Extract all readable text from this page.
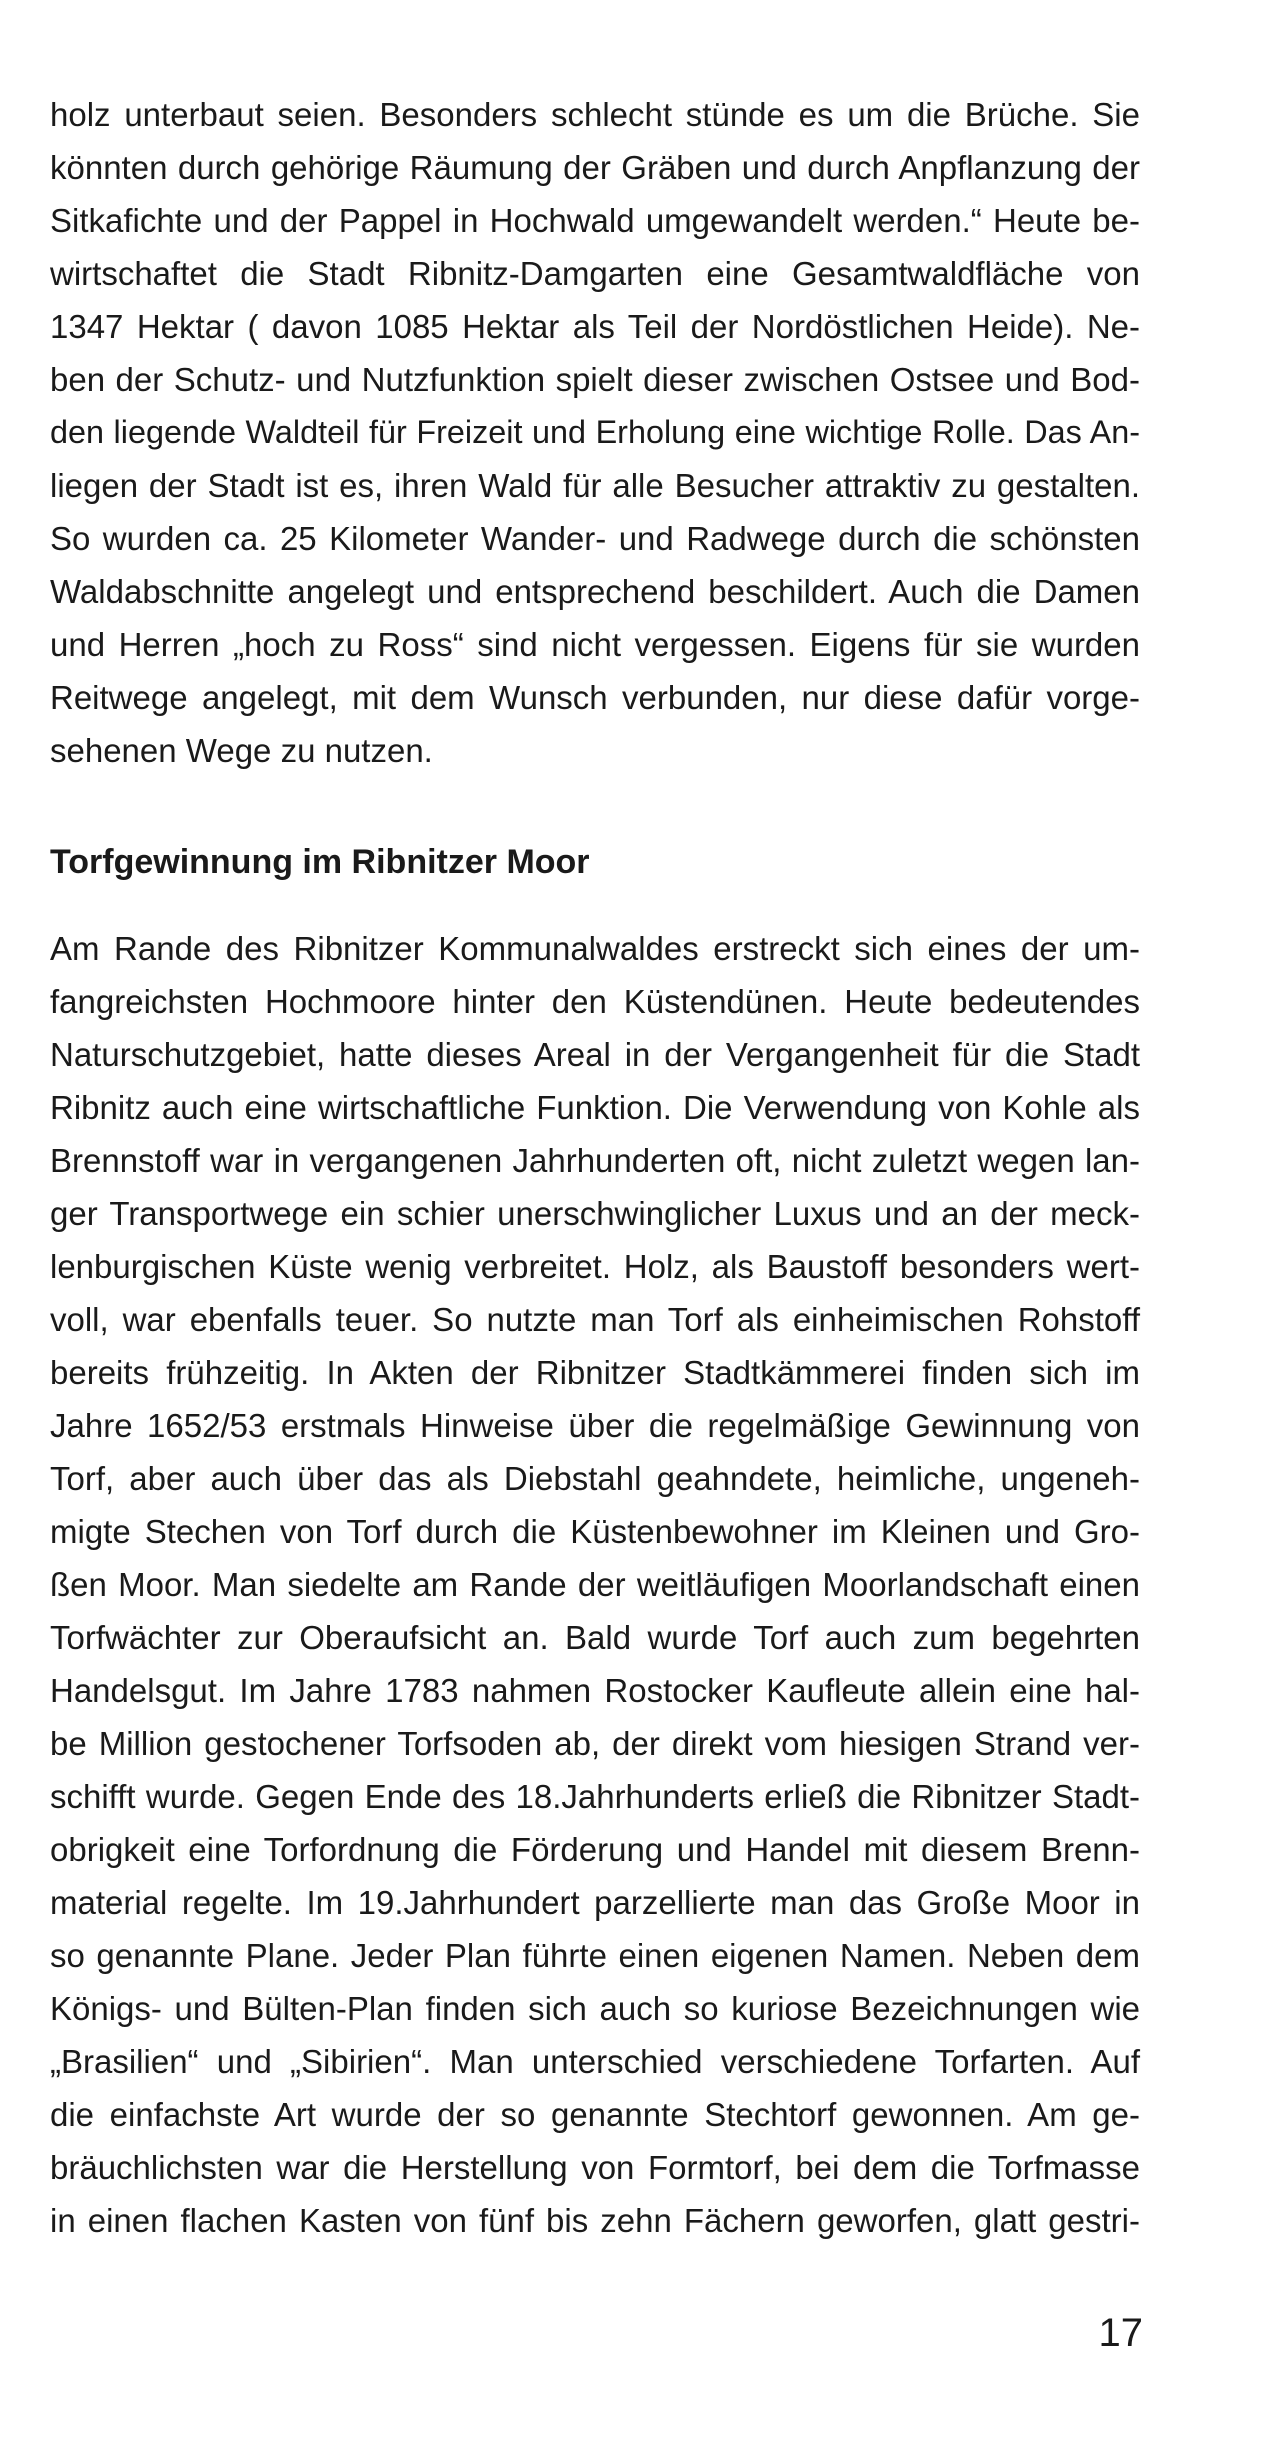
holz unterbaut seien. Besonders schlecht stünde es um die Brüche. Sie
könnten durch gehörige Räumung der Gräben und durch Anpflanzung der
Sitkafichte und der Pappel in Hochwald umgewandelt werden.“ Heute be-
wirtschaftet die Stadt Ribnitz-Damgarten eine Gesamtwaldfläche von
1347 Hektar ( davon 1085 Hektar als Teil der Nordöstlichen Heide). Ne-
ben der Schutz- und Nutzfunktion spielt dieser zwischen Ostsee und Bod-
den liegende Waldteil für Freizeit und Erholung eine wichtige Rolle. Das An-
liegen der Stadt ist es, ihren Wald für alle Besucher attraktiv zu gestalten.
So wurden ca. 25 Kilometer Wander- und Radwege durch die schönsten
Waldabschnitte angelegt und entsprechend beschildert. Auch die Damen
und Herren „hoch zu Ross“ sind nicht vergessen. Eigens für sie wurden
Reitwege angelegt, mit dem Wunsch verbunden, nur diese dafür vorge-
sehenen Wege zu nutzen.
Torfgewinnung im Ribnitzer Moor
Am Rande des Ribnitzer Kommunalwaldes erstreckt sich eines der um-
fangreichsten Hochmoore hinter den Küstendünen. Heute bedeutendes
Naturschutzgebiet, hatte dieses Areal in der Vergangenheit für die Stadt
Ribnitz auch eine wirtschaftliche Funktion. Die Verwendung von Kohle als
Brennstoff war in vergangenen Jahrhunderten oft, nicht zuletzt wegen lan-
ger Transportwege ein schier unerschwinglicher Luxus und an der meck-
lenburgischen Küste wenig verbreitet. Holz, als Baustoff besonders wert-
voll, war ebenfalls teuer. So nutzte man Torf als einheimischen Rohstoff
bereits frühzeitig. In Akten der Ribnitzer Stadtkämmerei finden sich im
Jahre 1652/53 erstmals Hinweise über die regelmäßige Gewinnung von
Torf, aber auch über das als Diebstahl geahndete, heimliche, ungeneh-
migte Stechen von Torf durch die Küstenbewohner im Kleinen und Gro-
ßen Moor. Man siedelte am Rande der weitläufigen Moorlandschaft einen
Torfwächter zur Oberaufsicht an. Bald wurde Torf auch zum begehrten
Handelsgut. Im Jahre 1783 nahmen Rostocker Kaufleute allein eine hal-
be Million gestochener Torfsoden ab, der direkt vom hiesigen Strand ver-
schifft wurde. Gegen Ende des 18.Jahrhunderts erließ die Ribnitzer Stadt-
obrigkeit eine Torfordnung die Förderung und Handel mit diesem Brenn-
material regelte. Im 19.Jahrhundert parzellierte man das Große Moor in
so genannte Plane. Jeder Plan führte einen eigenen Namen. Neben dem
Königs- und Bülten-Plan finden sich auch so kuriose Bezeichnungen wie
„Brasilien“ und „Sibirien“. Man unterschied verschiedene Torfarten. Auf
die einfachste Art wurde der so genannte Stechtorf gewonnen. Am ge-
bräuchlichsten war die Herstellung von Formtorf, bei dem die Torfmasse
in einen flachen Kasten von fünf bis zehn Fächern geworfen, glatt gestri-
17
